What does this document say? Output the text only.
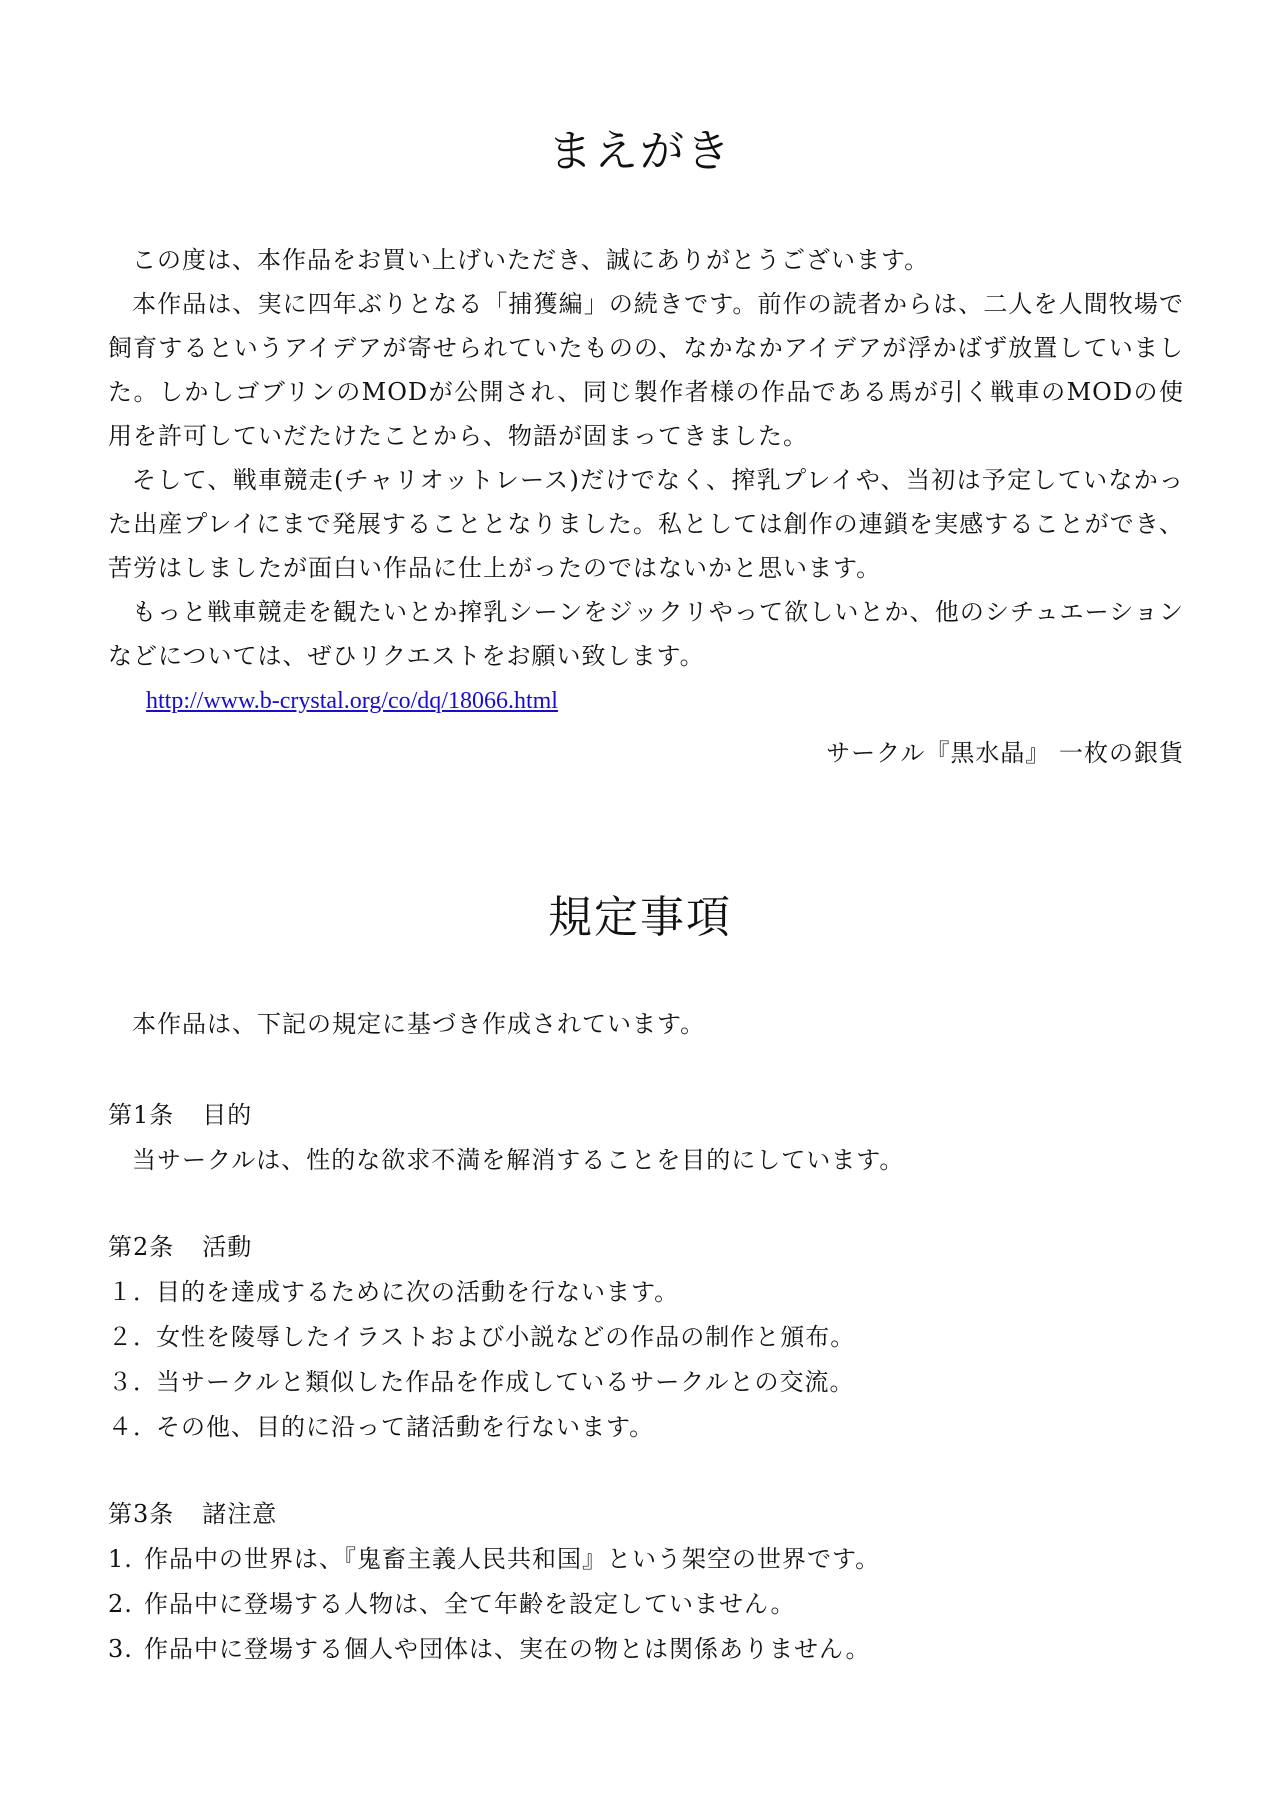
まえがき

この度は、本作品をお買い上げいただき、誠にありがとうございます。

本作品は、実に四年ぶりとなる「捕獲編」の続きです。前作の読者からは、二人を人間牧場で飼育するというアイデアが寄せられていたものの、なかなかアイデアが浮かばず放置していました。しかしゴブリンのMODが公開され、同じ製作者様の作品である馬が引く戦車のMODの使用を許可していだたけたことから、物語が固まってきました。

そして、戦車競走(チャリオットレース)だけでなく、搾乳プレイや、当初は予定していなかった出産プレイにまで発展することとなりました。私としては創作の連鎖を実感することができ、苦労はしましたが面白い作品に仕上がったのではないかと思います。

もっと戦車競走を観たいとか搾乳シーンをジックリやって欲しいとか、他のシチュエーションなどについては、ぜひリクエストをお願い致します。

http://www.b-crystal.org/co/dq/18066.html
サークル『黒水晶』 一枚の銀貨
規定事項

本作品は、下記の規定に基づき作成されています。

第1条 目的

当サークルは、性的な欲求不満を解消することを目的にしています。

第2条 活動

１．目的を達成するために次の活動を行ないます。
２．女性を陵辱したイラストおよび小説などの作品の制作と頒布。
３．当サークルと類似した作品を作成しているサークルとの交流。
４．その他、目的に沿って諸活動を行ないます。

第3条 諸注意

1. 作品中の世界は、『鬼畜主義人民共和国』という架空の世界です。
2. 作品中に登場する人物は、全て年齢を設定していません。
3. 作品中に登場する個人や団体は、実在の物とは関係ありません。
